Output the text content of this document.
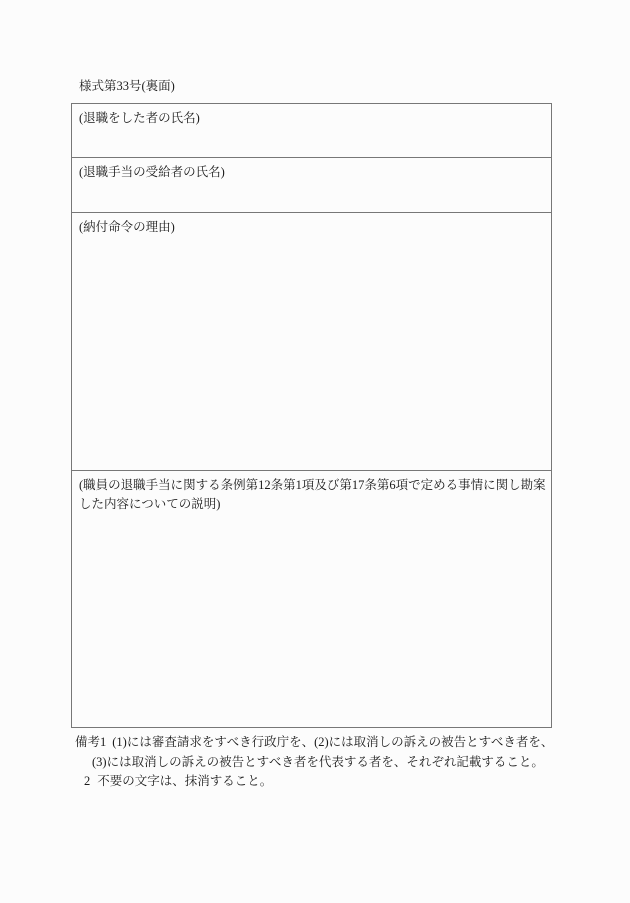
様式第33号(裏面)
(退職をした者の氏名)
(退職手当の受給者の氏名)
(納付命令の理由)
(職員の退職手当に関する条例第12条第1項及び第17条第6項で定める事情に関し勘案した内容についての説明)
備考1 (1)には審査請求をすべき行政庁を、(2)には取消しの訴えの被告とすべき者を、
(3)には取消しの訴えの被告とすべき者を代表する者を、それぞれ記載すること。
2 不要の文字は、抹消すること。
